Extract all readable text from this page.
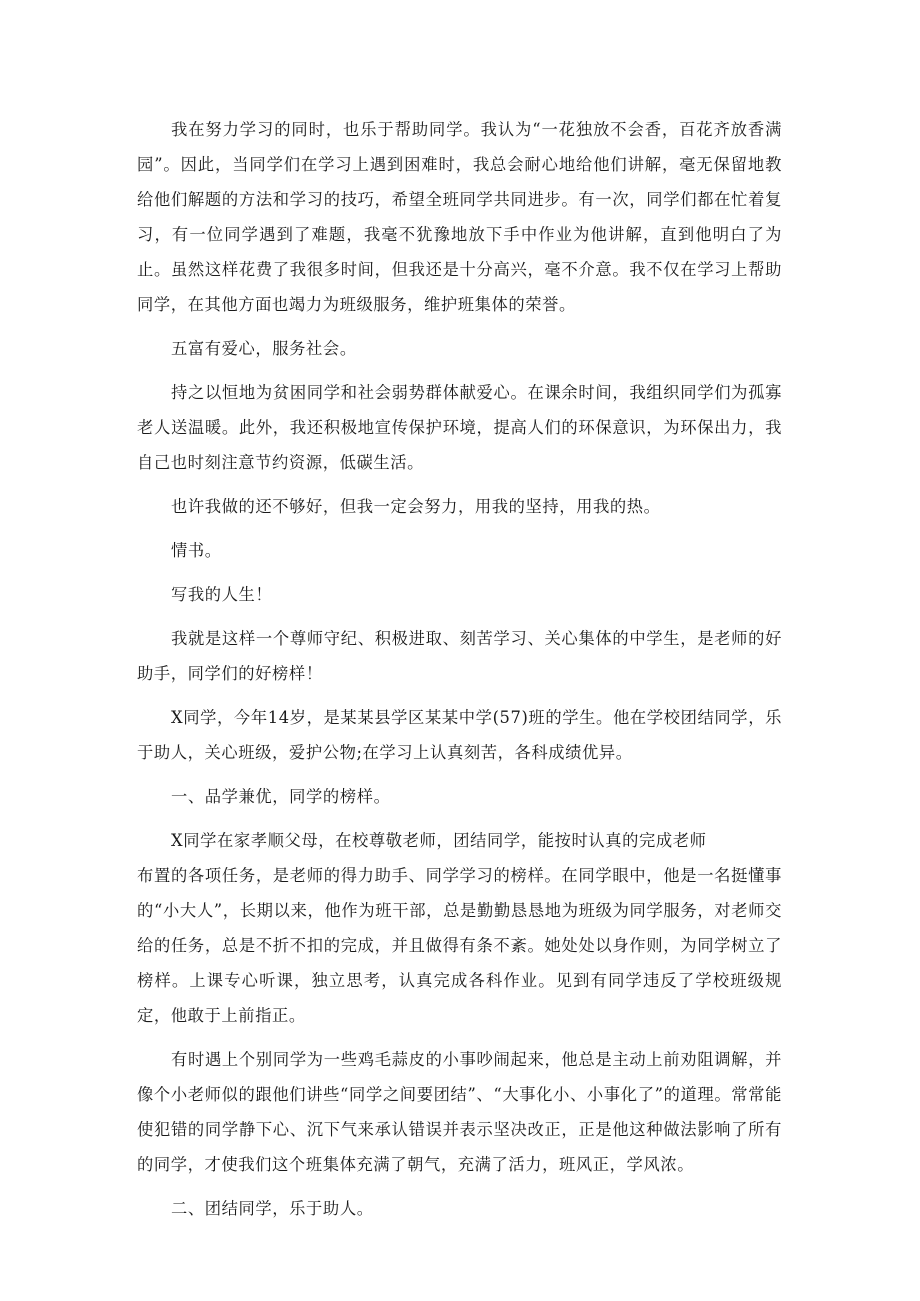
我在努力学习的同时，也乐于帮助同学。我认为“一花独放不会香，百花齐放香满园”。因此，当同学们在学习上遇到困难时，我总会耐心地给他们讲解，毫无保留地教给他们解题的方法和学习的技巧，希望全班同学共同进步。有一次，同学们都在忙着复习，有一位同学遇到了难题，我毫不犹豫地放下手中作业为他讲解，直到他明白了为止。虽然这样花费了我很多时间，但我还是十分高兴，毫不介意。我不仅在学习上帮助同学，在其他方面也竭力为班级服务，维护班集体的荣誉。

五富有爱心，服务社会。

持之以恒地为贫困同学和社会弱势群体献爱心。在课余时间，我组织同学们为孤寡老人送温暖。此外，我还积极地宣传保护环境，提高人们的环保意识，为环保出力，我自己也时刻注意节约资源，低碳生活。

也许我做的还不够好，但我一定会努力，用我的坚持，用我的热。

情书。

写我的人生！

我就是这样一个尊师守纪、积极进取、刻苦学习、关心集体的中学生，是老师的好助手，同学们的好榜样！

X同学，今年14岁，是某某县学区某某中学(57)班的学生。他在学校团结同学，乐于助人，关心班级，爱护公物;在学习上认真刻苦，各科成绩优异。

一、品学兼优，同学的榜样。

X同学在家孝顺父母，在校尊敬老师，团结同学，能按时认真的完成老师

布置的各项任务，是老师的得力助手、同学学习的榜样。在同学眼中，他是一名挺懂事的“小大人”，长期以来，他作为班干部，总是勤勤恳恳地为班级为同学服务，对老师交给的任务，总是不折不扣的完成，并且做得有条不紊。她处处以身作则，为同学树立了榜样。上课专心听课，独立思考，认真完成各科作业。见到有同学违反了学校班级规定，他敢于上前指正。

有时遇上个别同学为一些鸡毛蒜皮的小事吵闹起来，他总是主动上前劝阻调解，并像个小老师似的跟他们讲些“同学之间要团结”、“大事化小、小事化了”的道理。常常能使犯错的同学静下心、沉下气来承认错误并表示坚决改正，正是他这种做法影响了所有的同学，才使我们这个班集体充满了朝气，充满了活力，班风正，学风浓。

二、团结同学，乐于助人。
